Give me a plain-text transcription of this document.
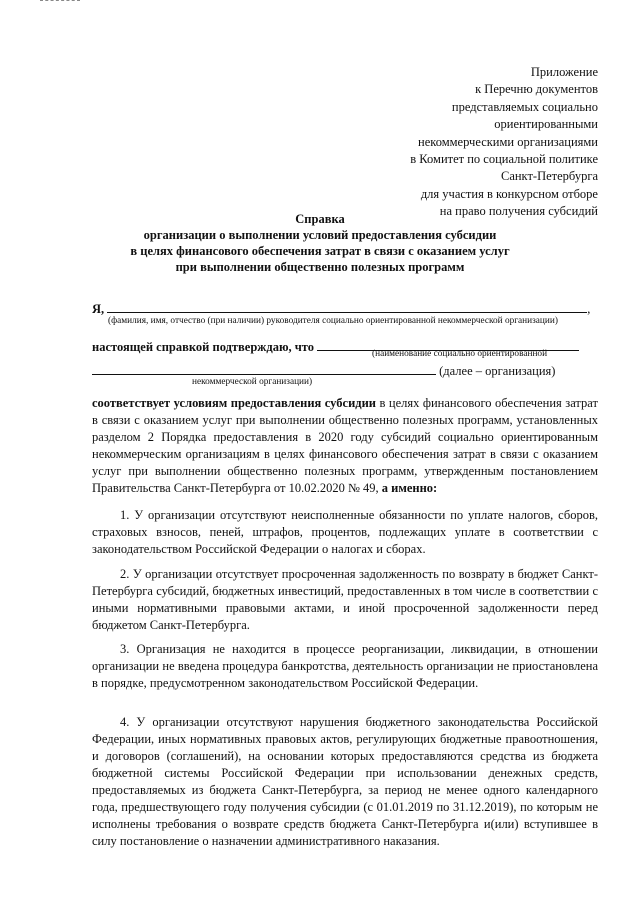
Приложение
к Перечню документов
представляемых социально
ориентированными
некоммерческими организациями
в Комитет по социальной политике
Санкт-Петербурга
для участия в конкурсном отборе
на право получения субсидий
Справка
организации о выполнении условий предоставления субсидии
в целях финансового обеспечения затрат в связи с оказанием услуг
при выполнении общественно полезных программ
Я,	,
(фамилия, имя, отчество (при наличии) руководителя социально ориентированной некоммерческой организации)
настоящей справкой подтверждаю, что	(наименование социально ориентированной
(далее – организация)
некоммерческой организации)
соответствует условиям предоставления субсидии в целях финансового обеспечения затрат в связи с оказанием услуг при выполнении общественно полезных программ, установленных разделом 2 Порядка предоставления в 2020 году субсидий социально ориентированным некоммерческим организациям в целях финансового обеспечения затрат в связи с оказанием услуг при выполнении общественно полезных программ, утвержденным постановлением Правительства Санкт-Петербурга от 10.02.2020 № 49, а именно:
1. У организации отсутствуют неисполненные обязанности по уплате налогов, сборов, страховых взносов, пеней, штрафов, процентов, подлежащих уплате в соответствии с законодательством Российской Федерации о налогах и сборах.
2. У организации отсутствует просроченная задолженность по возврату в бюджет Санкт-Петербурга субсидий, бюджетных инвестиций, предоставленных в том числе в соответствии с иными нормативными правовыми актами, и иной просроченной задолженности перед бюджетом Санкт-Петербурга.
3. Организация не находится в процессе реорганизации, ликвидации, в отношении организации не введена процедура банкротства, деятельность организации не приостановлена в порядке, предусмотренном законодательством Российской Федерации.
4. У организации отсутствуют нарушения бюджетного законодательства Российской Федерации, иных нормативных правовых актов, регулирующих бюджетные правоотношения, и договоров (соглашений), на основании которых предоставляются средства из бюджета бюджетной системы Российской Федерации при использовании денежных средств, предоставляемых из бюджета Санкт-Петербурга, за период не менее одного календарного года, предшествующего году получения субсидии (с 01.01.2019 по 31.12.2019), по которым не исполнены требования о возврате средств бюджета Санкт-Петербурга и(или) вступившее в силу постановление о назначении административного наказания.
